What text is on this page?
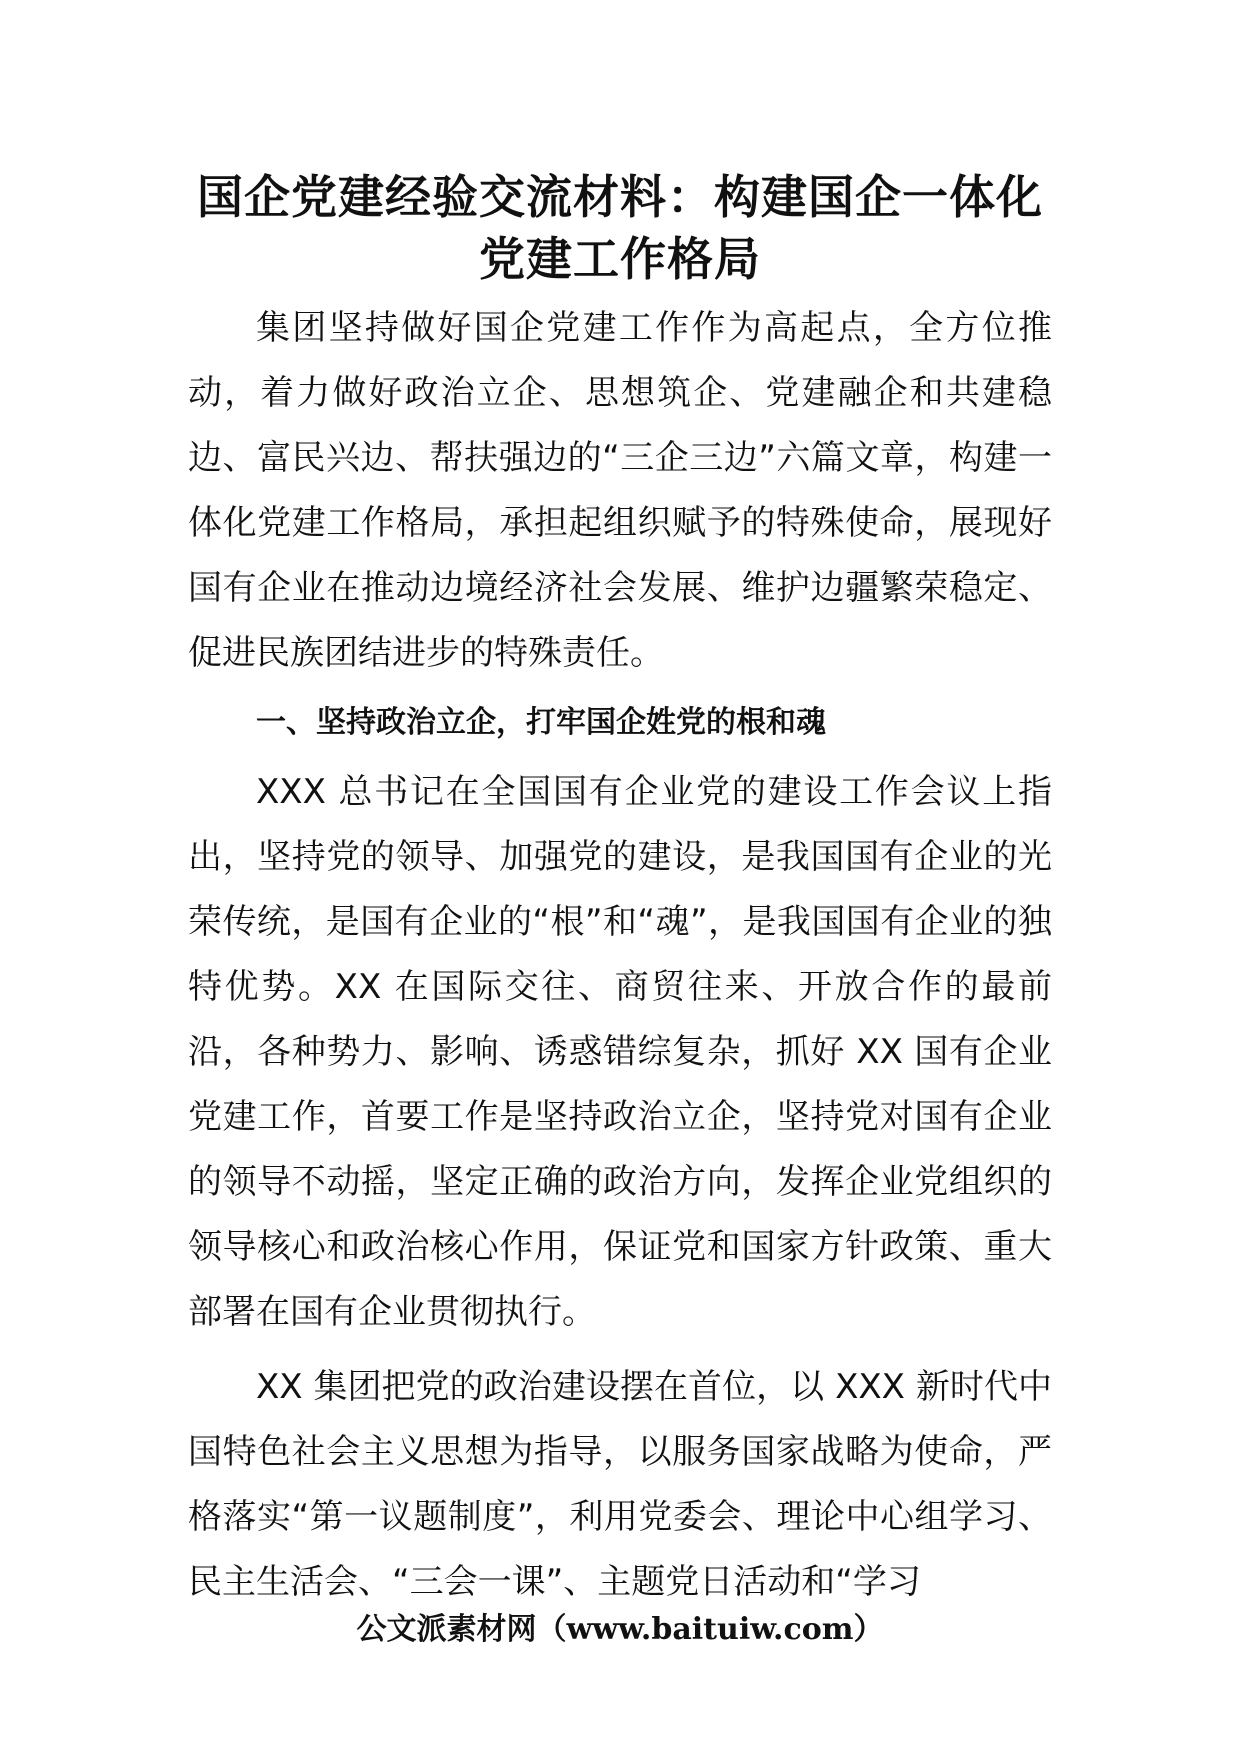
国企党建经验交流材料：构建国企一体化
党建工作格局

集团坚持做好国企党建工作作为高起点，全方位推动，着力做好政治立企、思想筑企、党建融企和共建稳边、富民兴边、帮扶强边的“三企三边”六篇文章，构建一体化党建工作格局，承担起组织赋予的特殊使命，展现好国有企业在推动边境经济社会发展、维护边疆繁荣稳定、促进民族团结进步的特殊责任。

一、坚持政治立企，打牢国企姓党的根和魂

XXX 总书记在全国国有企业党的建设工作会议上指出，坚持党的领导、加强党的建设，是我国国有企业的光荣传统，是国有企业的“根”和“魂”，是我国国有企业的独特优势。XX 在国际交往、商贸往来、开放合作的最前沿，各种势力、影响、诱惑错综复杂，抓好 XX 国有企业党建工作，首要工作是坚持政治立企，坚持党对国有企业的领导不动摇，坚定正确的政治方向，发挥企业党组织的领导核心和政治核心作用，保证党和国家方针政策、重大部署在国有企业贯彻执行。

XX 集团把党的政治建设摆在首位，以 XXX 新时代中国特色社会主义思想为指导，以服务国家战略为使命，严格落实“第一议题制度”，利用党委会、理论中心组学习、民主生活会、“三会一课”、主题党日活动和“学习

公文派素材网（www.baituiw.com）
